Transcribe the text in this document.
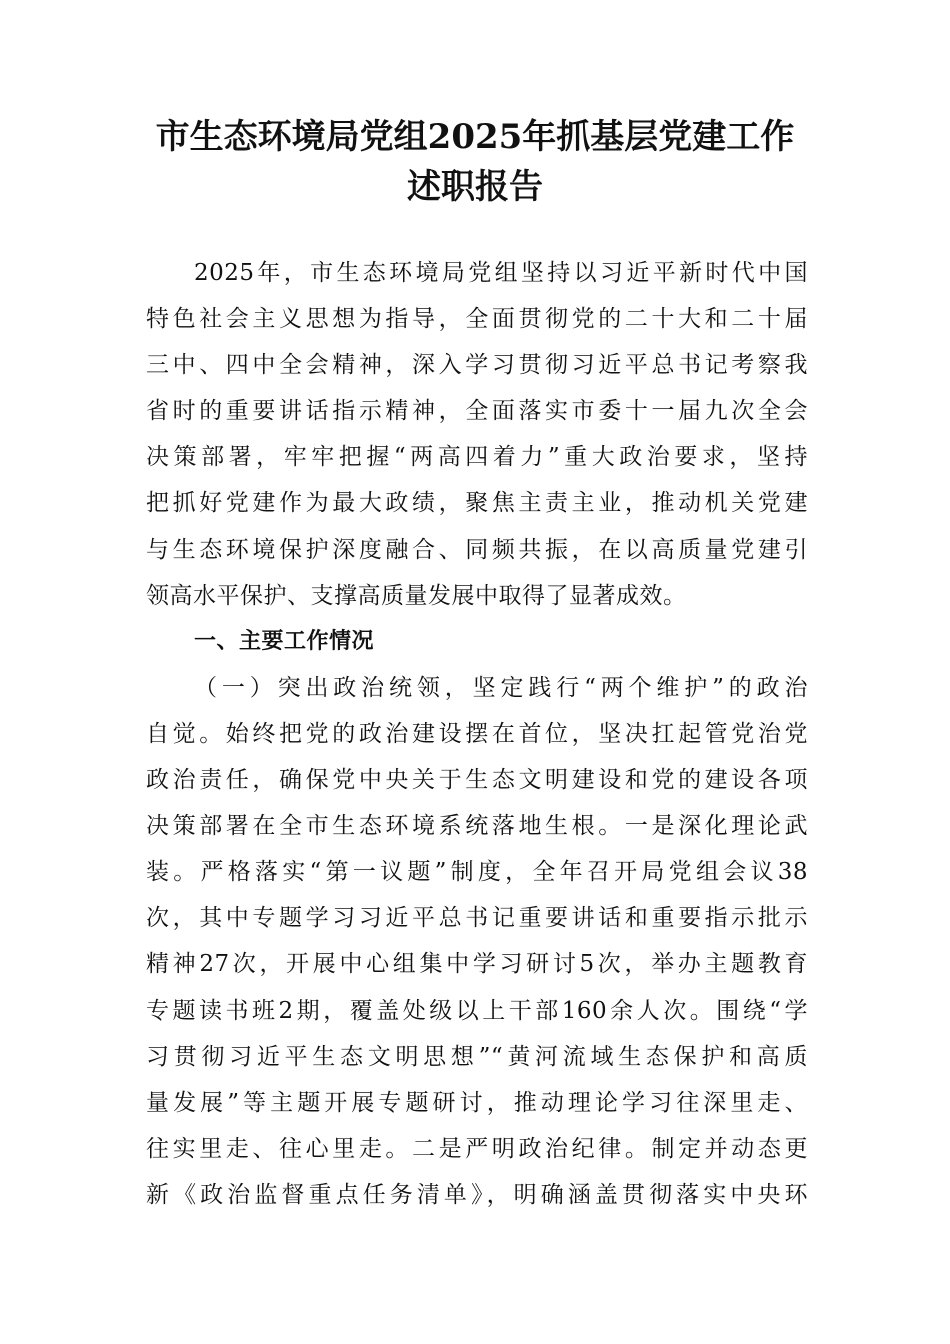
市生态环境局党组2025年抓基层党建工作
述职报告
2025年，市生态环境局党组坚持以习近平新时代中国
特色社会主义思想为指导，全面贯彻党的二十大和二十届
三中、四中全会精神，深入学习贯彻习近平总书记考察我
省时的重要讲话指示精神，全面落实市委十一届九次全会
决策部署，牢牢把握“两高四着力”重大政治要求，坚持
把抓好党建作为最大政绩，聚焦主责主业，推动机关党建
与生态环境保护深度融合、同频共振，在以高质量党建引
领高水平保护、支撑高质量发展中取得了显著成效。
一、主要工作情况
（一）突出政治统领，坚定践行“两个维护”的政治
自觉。始终把党的政治建设摆在首位，坚决扛起管党治党
政治责任，确保党中央关于生态文明建设和党的建设各项
决策部署在全市生态环境系统落地生根。一是深化理论武
装。严格落实“第一议题”制度，全年召开局党组会议38
次，其中专题学习习近平总书记重要讲话和重要指示批示
精神27次，开展中心组集中学习研讨5次，举办主题教育
专题读书班2期，覆盖处级以上干部160余人次。围绕“学
习贯彻习近平生态文明思想”“黄河流域生态保护和高质
量发展”等主题开展专题研讨，推动理论学习往深里走、
往实里走、往心里走。二是严明政治纪律。制定并动态更
新《政治监督重点任务清单》，明确涵盖贯彻落实中央环
